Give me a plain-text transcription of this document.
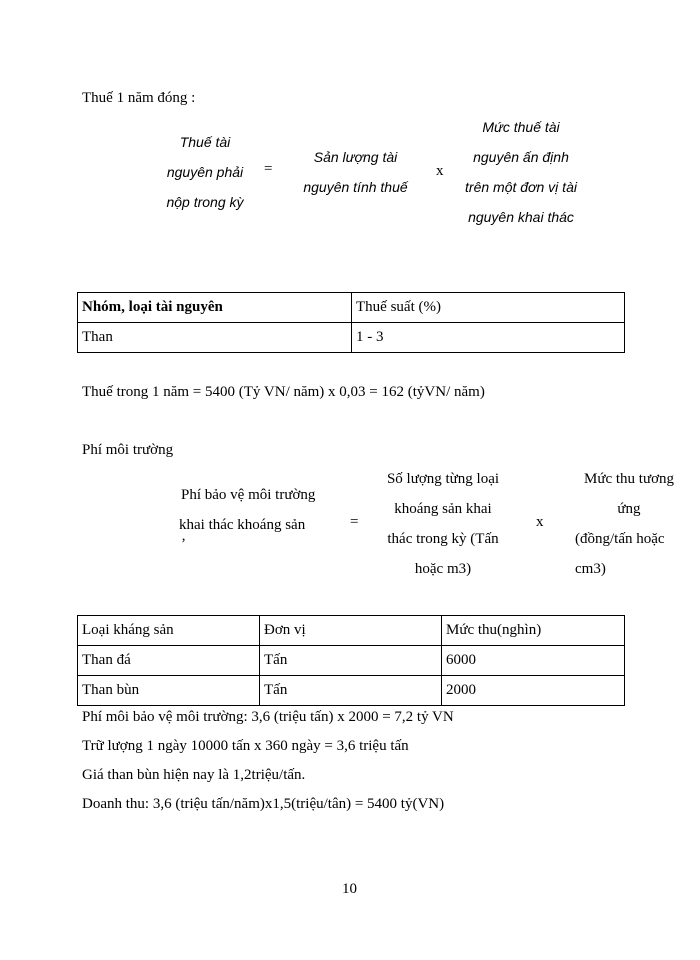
Thuế 1 năm đóng :
Thuế tài
nguyên phải
nộp trong kỳ
=
Sản lượng tài
nguyên tính thuế
x
Mức thuế tài
nguyên ấn định
trên một đơn vị tài
nguyên khai thác
Nhóm, loại tài nguyên	Thuế suất (%)
Than	1 - 3
Thuế trong 1 năm = 5400 (Tỷ VN/ năm) x 0,03 = 162 (tỷVN/ năm)
Phí môi trường
Phí bảo vệ môi trường
khai thác khoáng sản
’
=
Số lượng từng loại
khoáng sản khai
thác trong kỳ (Tấn
hoặc m3)
x
Mức thu tương
ứng
(đồng/tấn hoặc
cm3)
Loại kháng sản	Đơn vị	Mức thu(nghìn)
Than đá	Tấn	6000
Than bùn	Tấn	2000
Phí môi bảo vệ môi trường: 3,6 (triệu tấn) x 2000 = 7,2 tỷ VN
Trữ lượng 1 ngày 10000 tấn x 360 ngày = 3,6 triệu tấn
Giá than bùn hiện nay là 1,2triệu/tấn.
Doanh thu: 3,6 (triệu tấn/năm)x1,5(triệu/tân) = 5400 tỷ(VN)
10
